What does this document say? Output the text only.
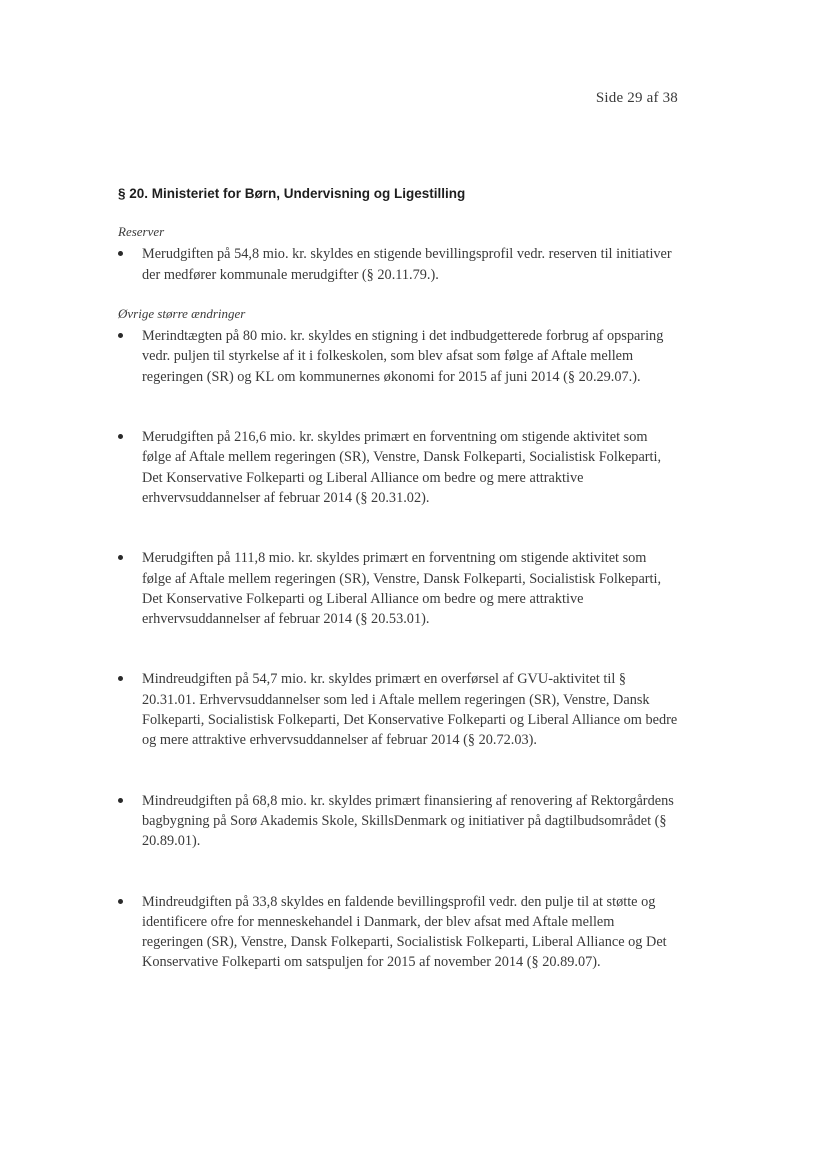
Side 29 af 38
§ 20. Ministeriet for Børn, Undervisning og Ligestilling

Reserver

Merudgiften på 54,8 mio. kr. skyldes en stigende bevillingsprofil vedr. reserven til initiativer der medfører kommunale merudgifter (§ 20.11.79.).

Øvrige større ændringer

Merindtægten på 80 mio. kr. skyldes en stigning i det indbudgetterede forbrug af opsparing vedr. puljen til styrkelse af it i folkeskolen, som blev afsat som følge af Aftale mellem regeringen (SR) og KL om kommunernes økonomi for 2015 af juni 2014 (§ 20.29.07.).
Merudgiften på 216,6 mio. kr. skyldes primært en forventning om stigende aktivitet som følge af Aftale mellem regeringen (SR), Venstre, Dansk Folkeparti, Socialistisk Folkeparti, Det Konservative Folkeparti og Liberal Alliance om bedre og mere attraktive erhvervsuddannelser af februar 2014 (§ 20.31.02).
Merudgiften på 111,8 mio. kr. skyldes primært en forventning om stigende aktivitet som følge af Aftale mellem regeringen (SR), Venstre, Dansk Folkeparti, Socialistisk Folkeparti, Det Konservative Folkeparti og Liberal Alliance om bedre og mere attraktive erhvervsuddannelser af februar 2014 (§ 20.53.01).
Mindreudgiften på 54,7 mio. kr. skyldes primært en overførsel af GVU-aktivitet til § 20.31.01. Erhvervsuddannelser som led i Aftale mellem regeringen (SR), Venstre, Dansk Folkeparti, Socialistisk Folkeparti, Det Konservative Folkeparti og Liberal Alliance om bedre og mere attraktive erhvervsuddannelser af februar 2014 (§ 20.72.03).
Mindreudgiften på 68,8 mio. kr. skyldes primært finansiering af renovering af Rektorgårdens bagbygning på Sorø Akademis Skole, SkillsDenmark og initiativer på dagtilbudsområdet (§ 20.89.01).
Mindreudgiften på 33,8 skyldes en faldende bevillingsprofil vedr. den pulje til at støtte og identificere ofre for menneskehandel i Danmark, der blev afsat med Aftale mellem regeringen (SR), Venstre, Dansk Folkeparti, Socialistisk Folkeparti, Liberal Alliance og Det Konservative Folkeparti om satspuljen for 2015 af november 2014 (§ 20.89.07).
